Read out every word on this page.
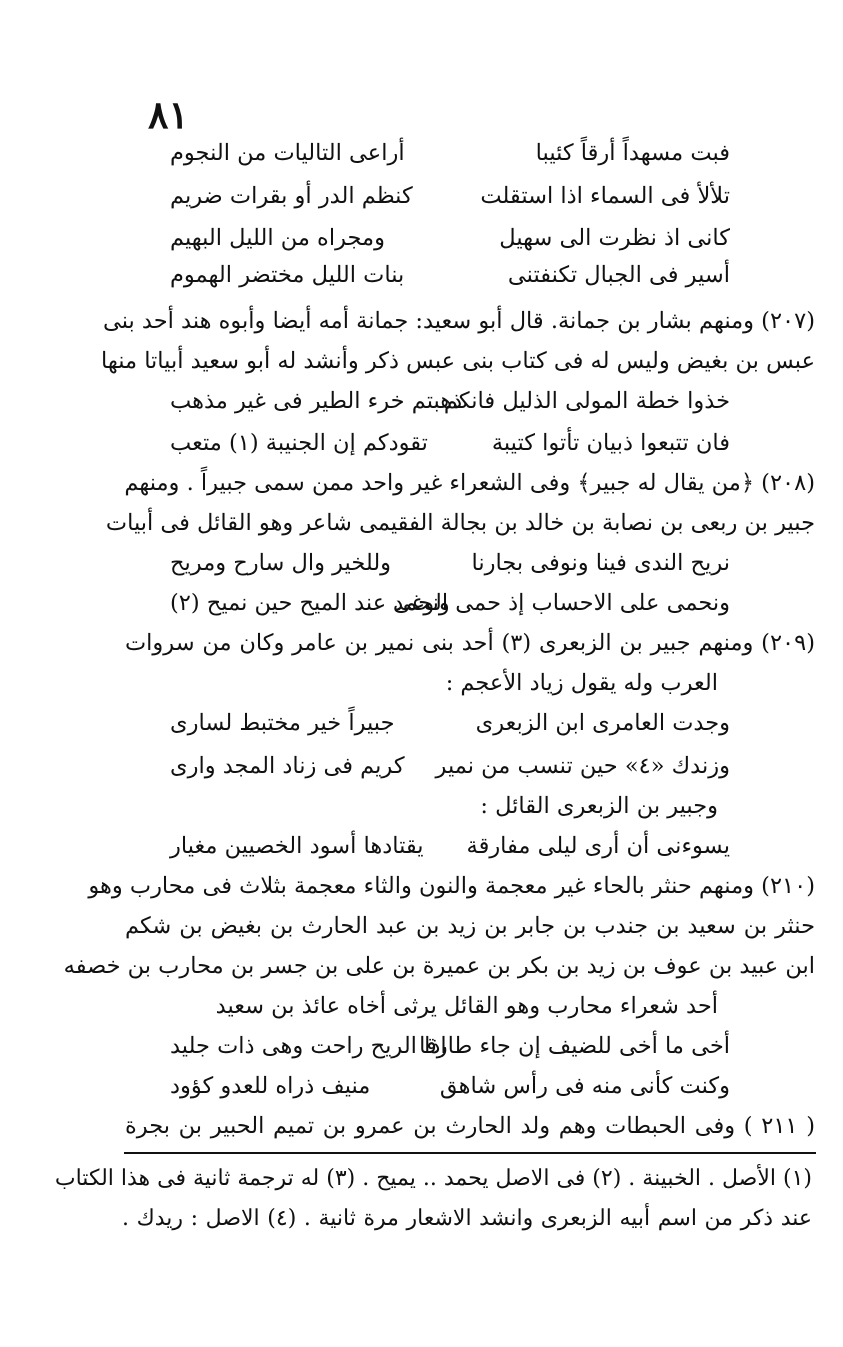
٨١
فبت مسهداً أرقاً كئيبا
أراعى التاليات من النجوم
تلألأ فى السماء اذا استقلت
كنظم الدر أو بقرات ضريم
كانى اذ نظرت الى سهيل
ومجراه من الليل البهيم
أسير فى الجبال تكنفتنى
بنات الليل مختضر الهموم
(٢٠٧) ومنهم بشار بن جمانة. قال أبو سعيد: جمانة أمه أيضا وأبوه هند أحد بنى
عبس بن بغيض وليس له فى كتاب بنى عبس ذكر وأنشد له أبو سعيد أبياتا منها
خذوا خطة المولى الذليل فانكم
ذهبتم خرء الطير فى غير مذهب
فان تتبعوا ذبيان تأتوا كتيبة
تقودكم إن الجنيبة (١) متعب
(٢٠٨) ﴿من يقال له جبير﴾ وفى الشعراء غير واحد ممن سمى جبيراً . ومنهم
جبير بن ربعى بن نصابة بن خالد بن بجالة الفقيمى شاعر وهو القائل فى أبيات
نريح الندى فينا ونوفى بجارنا
وللخير وال سارح ومريح
ونحمى على الاحساب إذ حمى الوغى
ونحمد عند الميح حين نميح (٢)
(٢٠٩) ومنهم جبير بن الزبعرى (٣) أحد بنى نمير بن عامر وكان من سروات
العرب وله يقول زياد الأعجم :
وجدت العامرى ابن الزبعرى
جبيراً خير مختبط لسارى
وزندك «٤» حين تنسب من نمير
كريم فى زناد المجد وارى
وجبير بن الزبعرى القائل :
يسوءنى أن أرى ليلى مفارقة
يقتادها أسود الخصيين مغيار
(٢١٠) ومنهم حنثر بالحاء غير معجمة والنون والثاء معجمة بثلاث فى محارب وهو
حنثر بن سعيد بن جندب بن جابر بن زيد بن عبد الحارث بن بغيض بن شكم
ابن عبيد بن عوف بن زيد بن بكر بن عميرة بن على بن جسر بن محارب بن خصفه
أحد شعراء محارب وهو القائل يرثى أخاه عائذ بن سعيد
أخى ما أخى للضيف إن جاء طارقا
اذا الريح راحت وهى ذات جليد
وكنت كأنى منه فى رأس شاهق
منيف ذراه للعدو كؤود
( ٢١١ ) وفى الحبطات وهم ولد الحارث بن عمرو بن تميم الحبير بن بجرة
(١) الأصل . الخبينة . (٢) فى الاصل يحمد .. يميح . (٣) له ترجمة ثانية فى هذا الكتاب
عند ذكر من اسم أبيه الزبعرى وانشد الاشعار مرة ثانية . (٤) الاصل : ريدك .
